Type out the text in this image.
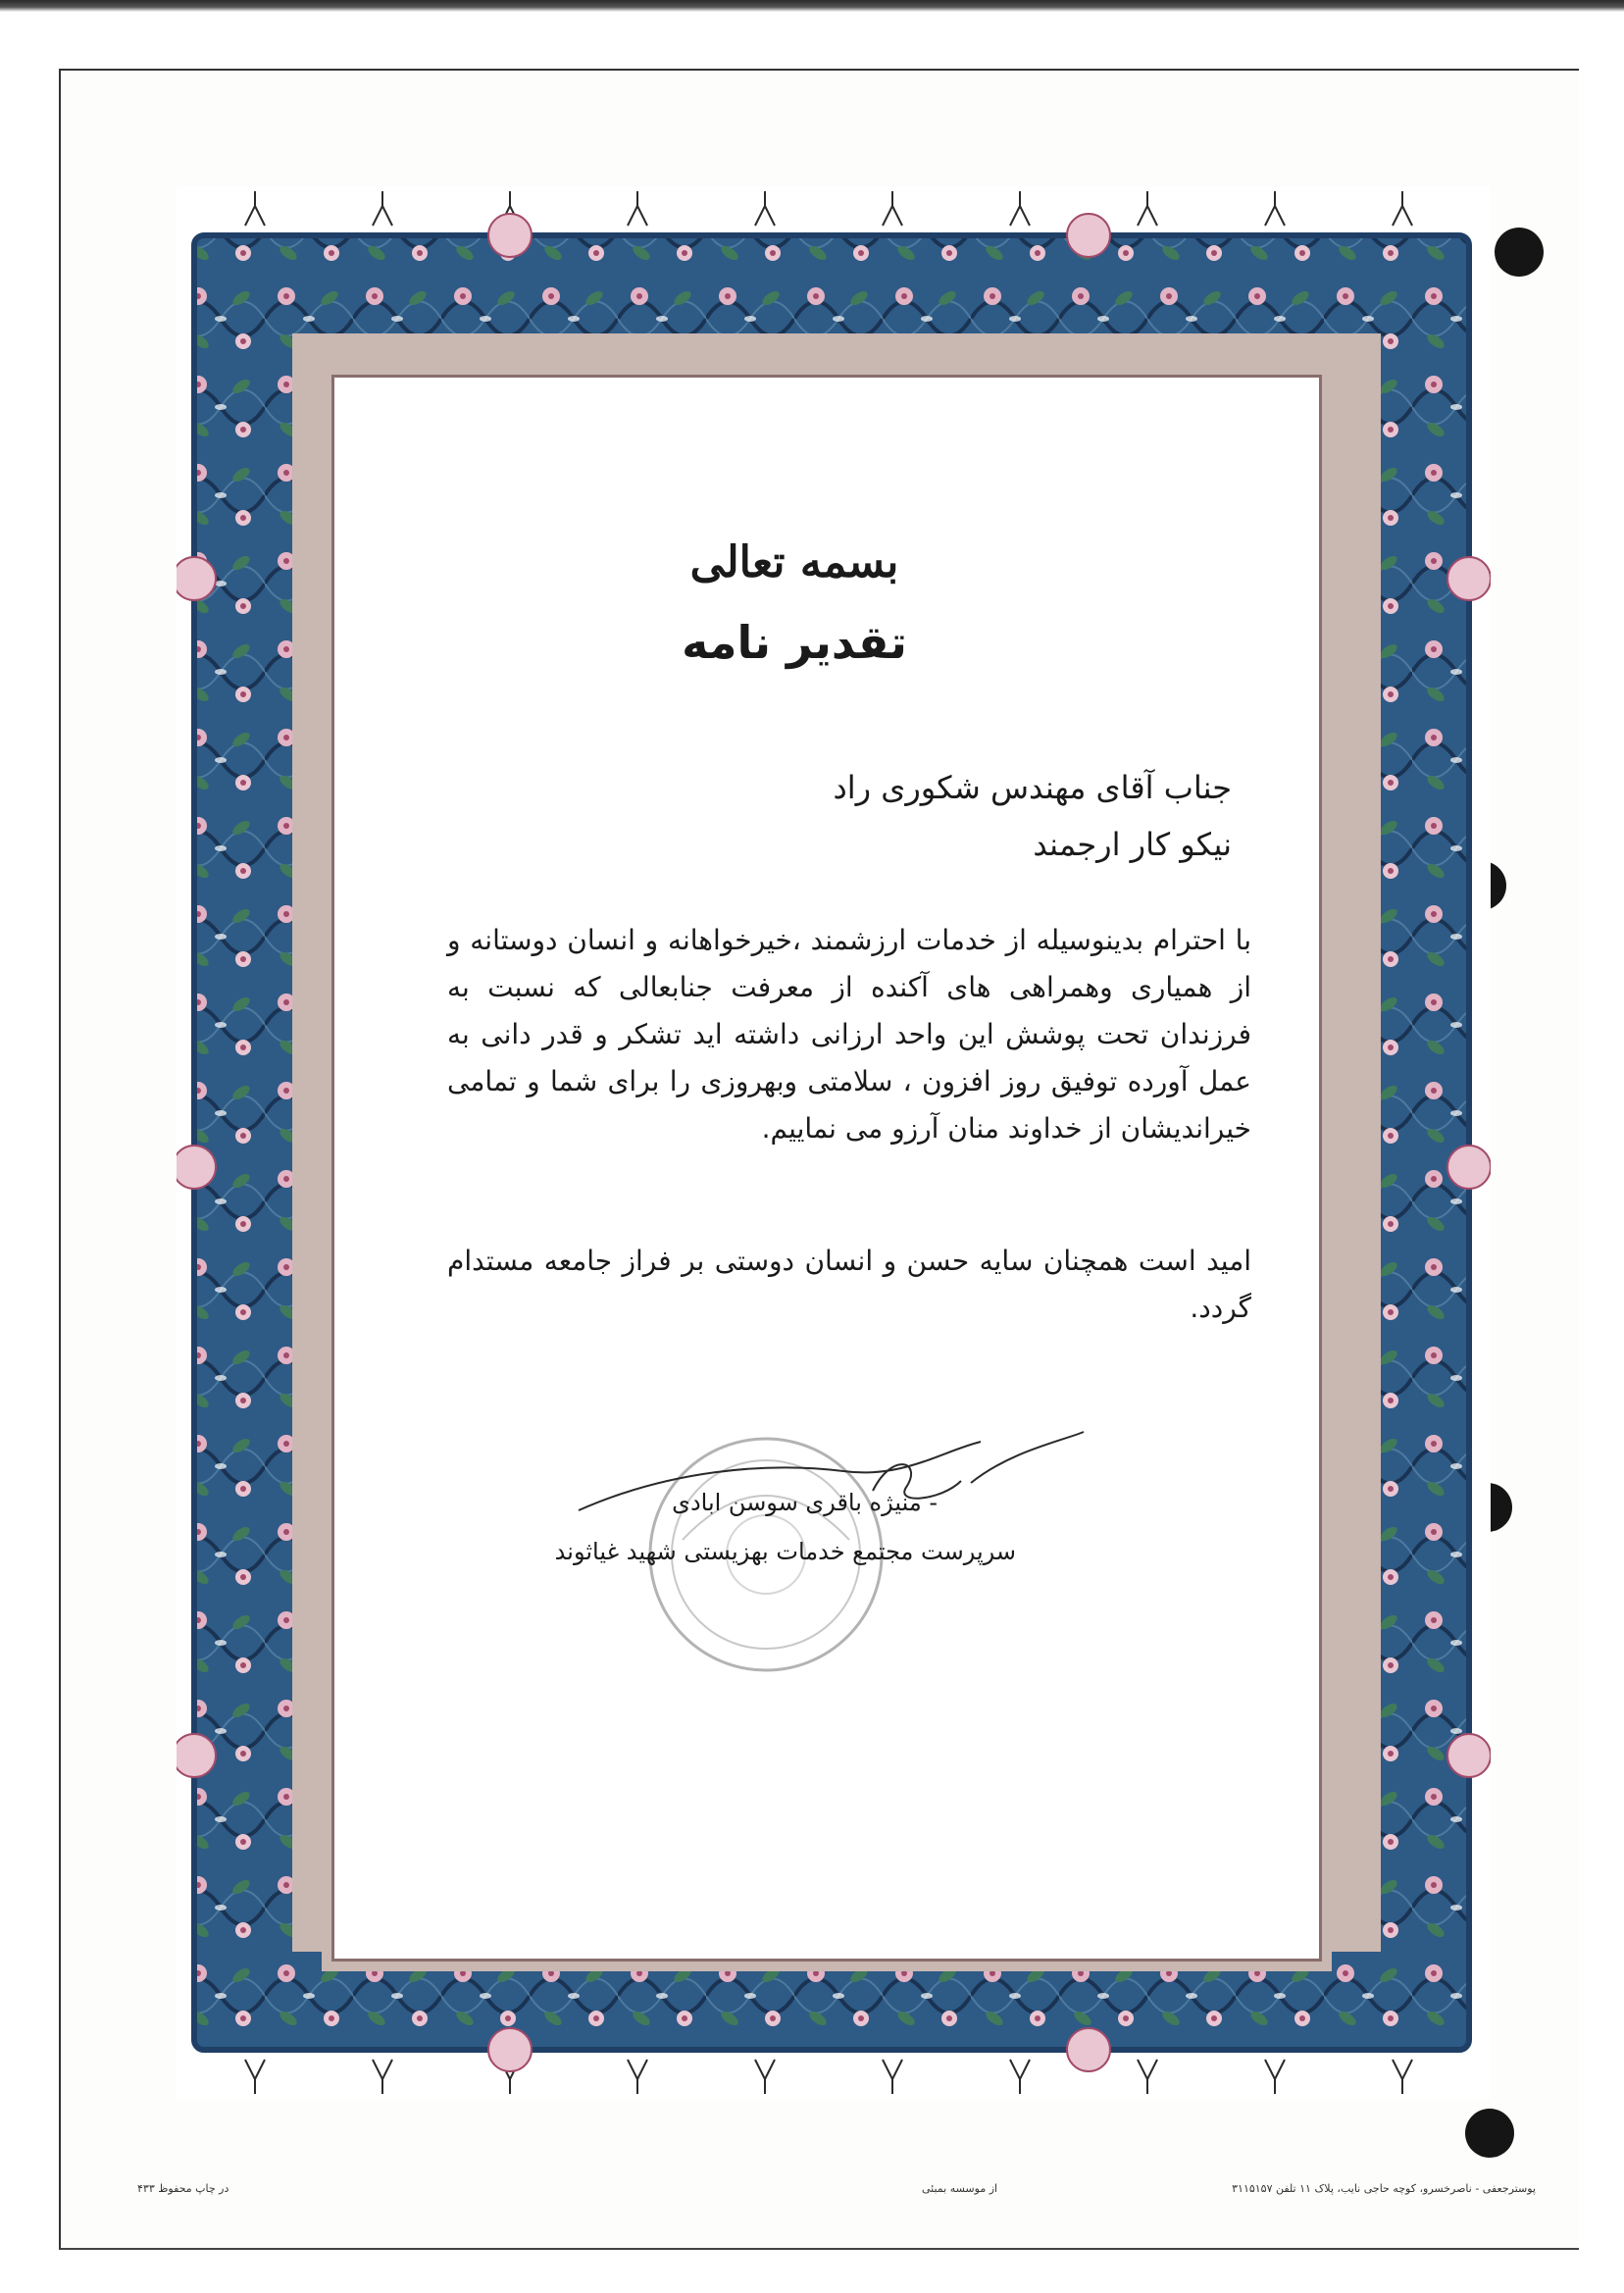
بسمه تعالی
تقدیر نامه
جناب آقای مهندس شکوری راد
نیکو کار ارجمند
با احترام بدینوسیله از خدمات ارزشمند ،خیرخواهانه و انسان دوستانه و از همیاری وهمراهی های آکنده از معرفت جنابعالی که نسبت به فرزندان تحت پوشش این واحد ارزانی داشته اید تشکر و قدر دانی به عمل آورده توفیق روز افزون ، سلامتی وبهروزی را برای شما و تمامی خیراندیشان از خداوند منان آرزو می نماییم.
امید است همچنان سایه حسن و انسان دوستی بر فراز جامعه مستدام گردد.
- منیژه باقری سوسن ابادی
سرپرست مجتمع خدمات بهزیستی شهید غیاثوند
پوسترجعفی - ناصرخسرو، کوچه حاجی نایب، پلاک ۱۱ تلفن ۳۱۱۵۱۵۷
از موسسه بمبئی
در چاپ محفوظ ۴۳۳
